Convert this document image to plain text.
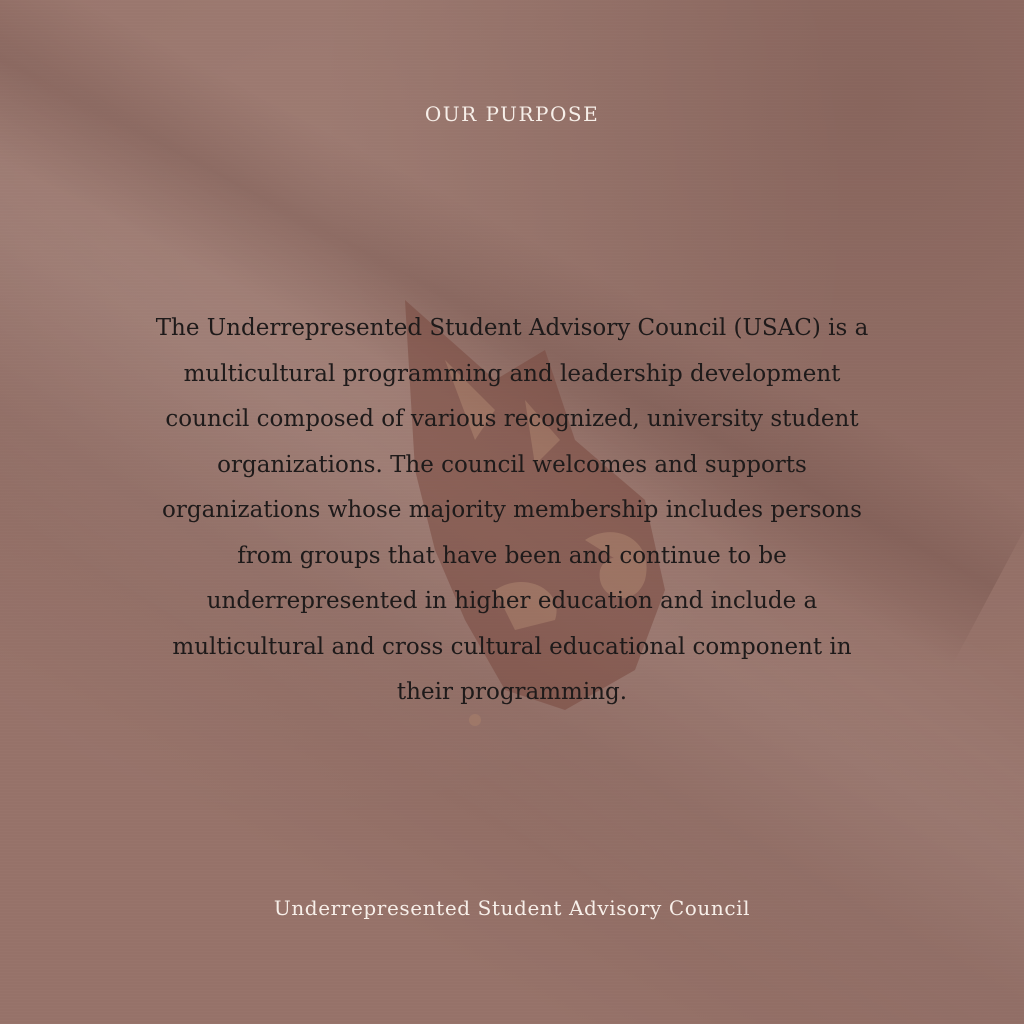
OUR PURPOSE

The Underrepresented Student Advisory Council (USAC) is a multicultural programming and leadership development council composed of various recognized, university student organizations. The council welcomes and supports organizations whose majority membership includes persons from groups that have been and continue to be underrepresented in higher education and include a multicultural and cross cultural educational component in their programming.

Underrepresented Student Advisory Council
